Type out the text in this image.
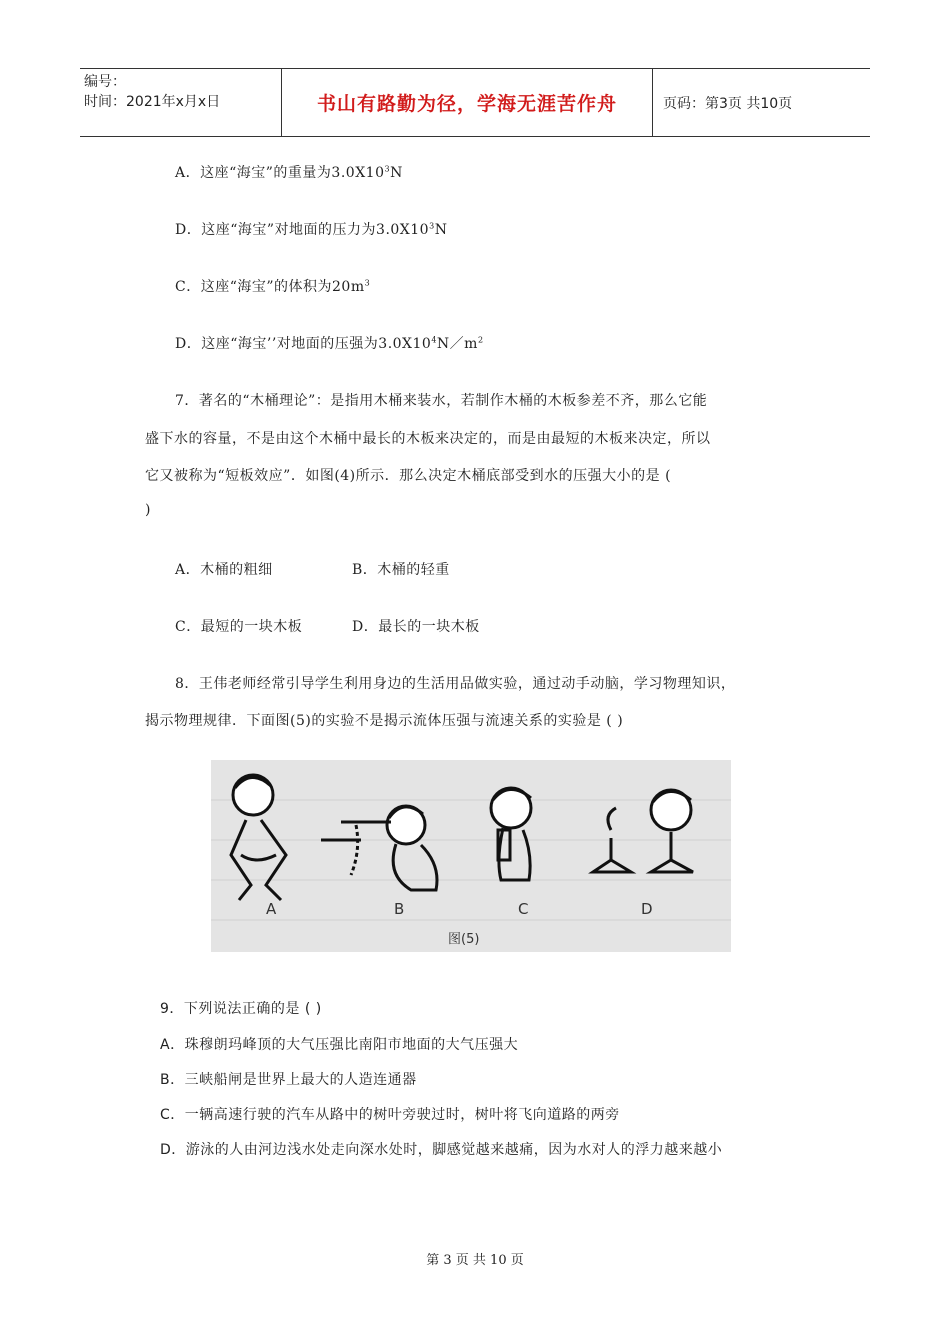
编号：
时间：2021年x月x日	书山有路勤为径，学海无涯苦作舟	页码：第3页 共10页
A．这座“海宝”的重量为$3.0X10^3N$
D．这座“海宝”对地面的压力为$3.0X10^3N$
C．这座“海宝”的体积为$20m^3$
D．这座“海宝’’对地面的压强为$3.0X10^4N/m^2$
7．著名的“木桶理论”：是指用木桶来装水，若制作木桶的木板参差不齐，那么它能
盛下水的容量，不是由这个木桶中最长的木板来决定的，而是由最短的木板来决定，所以
它又被称为“短板效应”．如图(4)所示．那么决定木桶底部受到水的压强大小的是 (
)
A．木桶的粗细	B．木桶的轻重
C．最短的一块木板	D．最长的一块木板
8．王伟老师经常引导学生利用身边的生活用品做实验，通过动手动脑，学习物理知识，
揭示物理规律．下面图(5)的实验不是揭示流体压强与流速关系的实验是 ( )
A	B	C	D
图(5)
9．下列说法正确的是 ( )
A．珠穆朗玛峰顶的大气压强比南阳市地面的大气压强大
B．三峡船闸是世界上最大的人造连通器
C．一辆高速行驶的汽车从路中的树叶旁驶过时，树叶将飞向道路的两旁
D．游泳的人由河边浅水处走向深水处时，脚感觉越来越痛，因为水对人的浮力越来越小
第 3 页 共 10 页
